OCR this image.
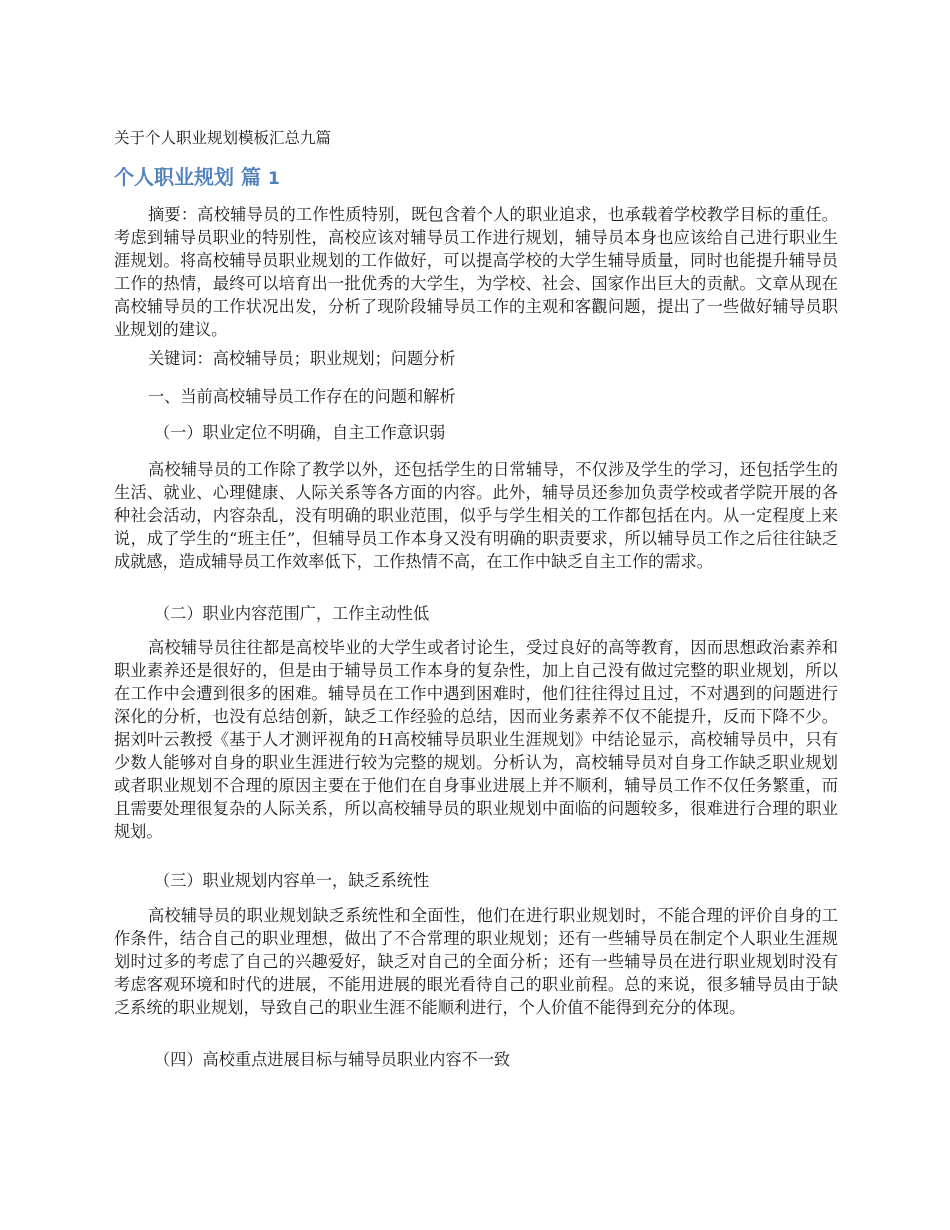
关于个人职业规划模板汇总九篇
个人职业规划 篇 1
摘要：高校辅导员的工作性质特别，既包含着个人的职业追求，也承载着学校教学目标的重任。考虑到辅导员职业的特别性，高校应该对辅导员工作进行规划，辅导员本身也应该给自己进行职业生涯规划。将高校辅导员职业规划的工作做好，可以提高学校的大学生辅导质量，同时也能提升辅导员工作的热情，最终可以培育出一批优秀的大学生，为学校、社会、国家作出巨大的贡献。文章从现在高校辅导员的工作状况出发，分析了现阶段辅导员工作的主观和客觀问题，提出了一些做好辅导员职业规划的建议。
关键词：高校辅导员；职业规划；问题分析
一、当前高校辅导员工作存在的问题和解析
（一）职业定位不明确，自主工作意识弱
高校辅导员的工作除了教学以外，还包括学生的日常辅导，不仅涉及学生的学习，还包括学生的生活、就业、心理健康、人际关系等各方面的内容。此外，辅导员还参加负责学校或者学院开展的各种社会活动，内容杂乱，没有明确的职业范围，似乎与学生相关的工作都包括在内。从一定程度上来说，成了学生的“班主任”，但辅导员工作本身又没有明确的职责要求，所以辅导员工作之后往往缺乏成就感，造成辅导员工作效率低下，工作热情不高，在工作中缺乏自主工作的需求。
（二）职业内容范围广，工作主动性低
高校辅导员往往都是高校毕业的大学生或者讨论生，受过良好的高等教育，因而思想政治素养和职业素养还是很好的，但是由于辅导员工作本身的复杂性，加上自己没有做过完整的职业规划，所以在工作中会遭到很多的困难。辅导员在工作中遇到困难时，他们往往得过且过，不对遇到的问题进行深化的分析，也没有总结创新，缺乏工作经验的总结，因而业务素养不仅不能提升，反而下降不少。据刘叶云教授《基于人才测评视角的Ｈ高校辅导员职业生涯规划》中结论显示，高校辅导员中，只有少数人能够对自身的职业生涯进行较为完整的规划。分析认为，高校辅导员对自身工作缺乏职业规划或者职业规划不合理的原因主要在于他们在自身事业进展上并不顺利，辅导员工作不仅任务繁重，而且需要处理很复杂的人际关系，所以高校辅导员的职业规划中面临的问题较多，很难进行合理的职业规划。
（三）职业规划内容单一，缺乏系统性
高校辅导员的职业规划缺乏系统性和全面性，他们在进行职业规划时，不能合理的评价自身的工作条件，结合自己的职业理想，做出了不合常理的职业规划；还有一些辅导员在制定个人职业生涯规划时过多的考虑了自己的兴趣爱好，缺乏对自己的全面分析；还有一些辅导员在进行职业规划时没有考虑客观环境和时代的进展，不能用进展的眼光看待自己的职业前程。总的来说，很多辅导员由于缺乏系统的职业规划，导致自己的职业生涯不能顺利进行，个人价值不能得到充分的体现。
（四）高校重点进展目标与辅导员职业内容不一致
